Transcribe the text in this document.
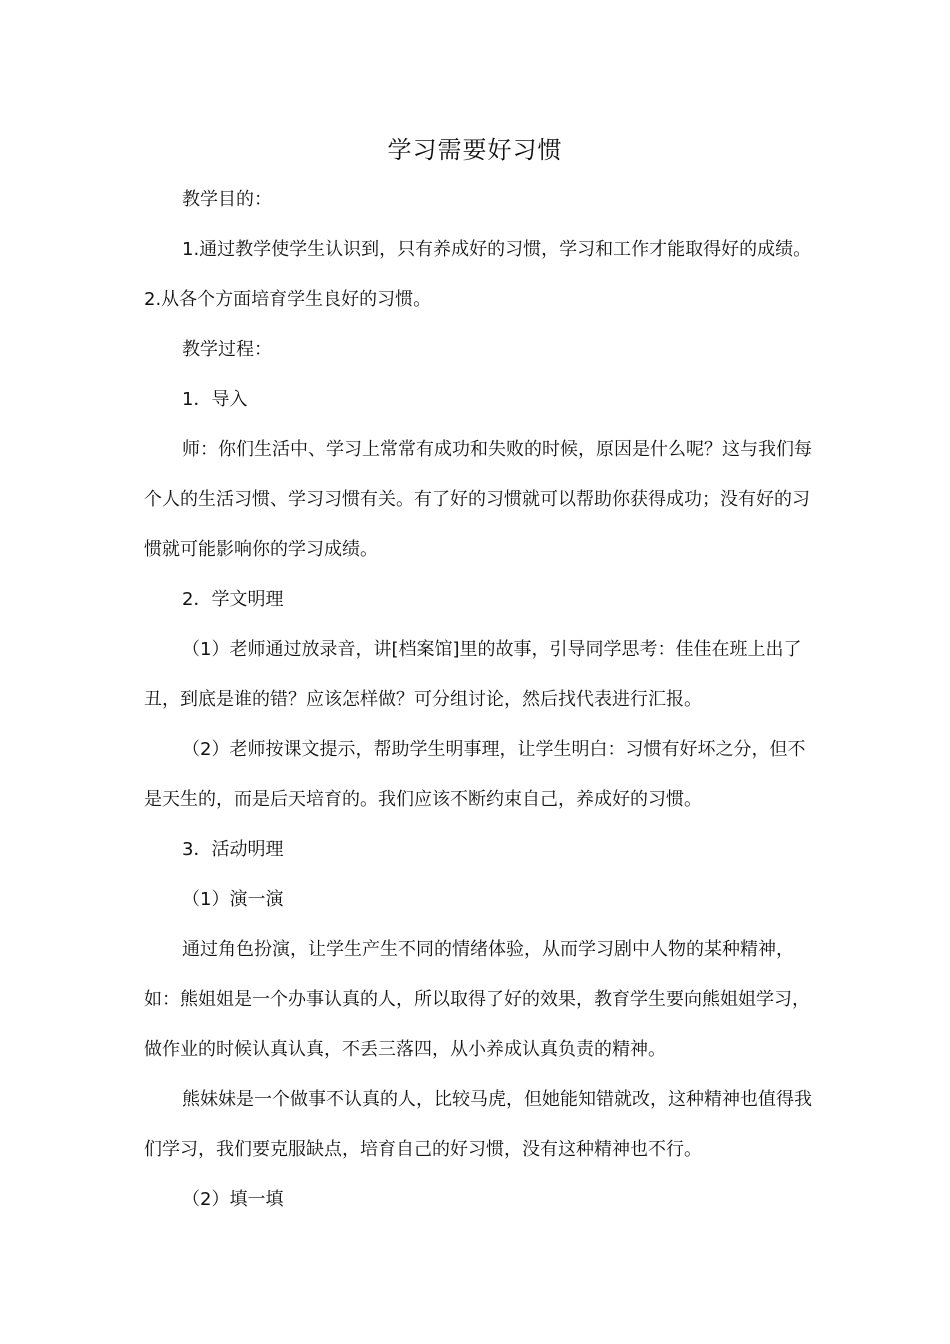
学习需要好习惯

教学目的：

1.通过教学使学生认识到，只有养成好的习惯，学习和工作才能取得好的成绩。2.从各个方面培育学生良好的习惯。

教学过程：

1．导入

师：你们生活中、学习上常常有成功和失败的时候，原因是什么呢？这与我们每个人的生活习惯、学习习惯有关。有了好的习惯就可以帮助你获得成功；没有好的习惯就可能影响你的学习成绩。

2．学文明理

（1）老师通过放录音，讲[档案馆]里的故事，引导同学思考：佳佳在班上出了丑，到底是谁的错？应该怎样做？可分组讨论，然后找代表进行汇报。

（2）老师按课文提示，帮助学生明事理，让学生明白：习惯有好坏之分，但不是天生的，而是后天培育的。我们应该不断约束自己，养成好的习惯。

3．活动明理

（1）演一演

通过角色扮演，让学生产生不同的情绪体验，从而学习剧中人物的某种精神，如：熊姐姐是一个办事认真的人，所以取得了好的效果，教育学生要向熊姐姐学习，做作业的时候认真认真，不丢三落四，从小养成认真负责的精神。

熊妹妹是一个做事不认真的人，比较马虎，但她能知错就改，这种精神也值得我们学习，我们要克服缺点，培育自己的好习惯，没有这种精神也不行。

（2）填一填
